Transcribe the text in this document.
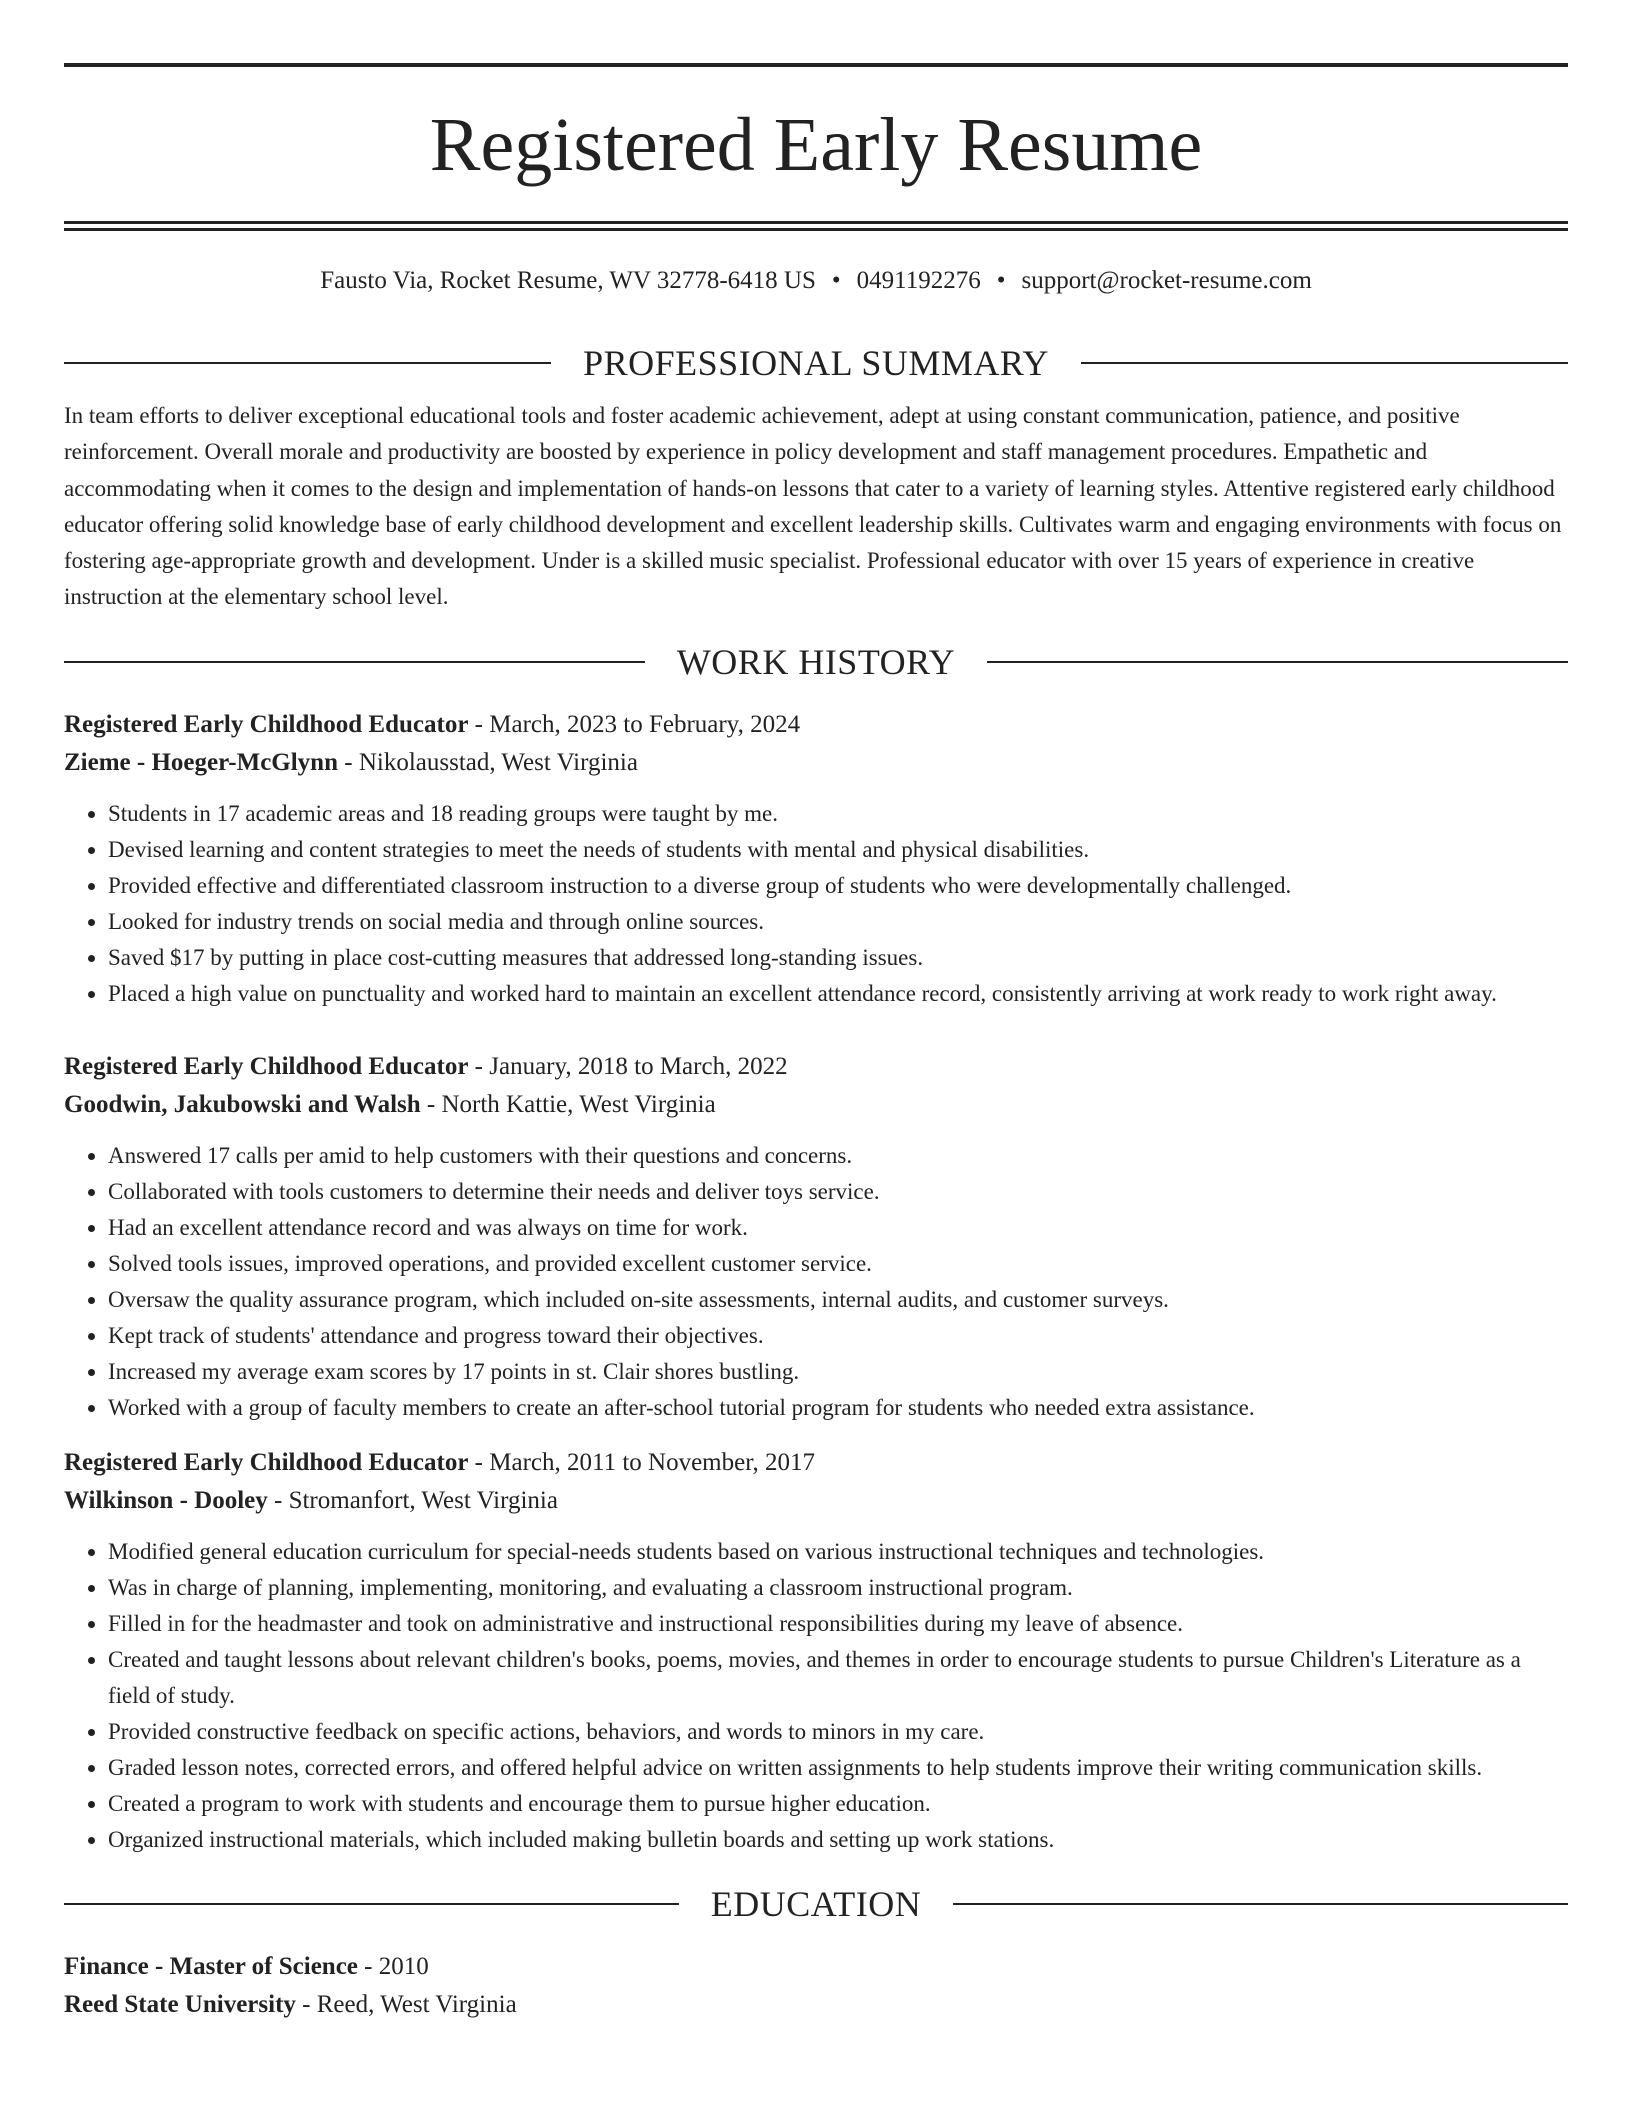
Registered Early Resume
Fausto Via, Rocket Resume, WV 32778-6418 US • 0491192276 • support@rocket-resume.com
PROFESSIONAL SUMMARY
In team efforts to deliver exceptional educational tools and foster academic achievement, adept at using constant communication, patience, and positive reinforcement. Overall morale and productivity are boosted by experience in policy development and staff management procedures. Empathetic and accommodating when it comes to the design and implementation of hands-on lessons that cater to a variety of learning styles. Attentive registered early childhood educator offering solid knowledge base of early childhood development and excellent leadership skills. Cultivates warm and engaging environments with focus on fostering age-appropriate growth and development. Under is a skilled music specialist. Professional educator with over 15 years of experience in creative instruction at the elementary school level.
WORK HISTORY
Registered Early Childhood Educator - March, 2023 to February, 2024
Zieme - Hoeger-McGlynn - Nikolausstad, West Virginia
• Students in 17 academic areas and 18 reading groups were taught by me.
• Devised learning and content strategies to meet the needs of students with mental and physical disabilities.
• Provided effective and differentiated classroom instruction to a diverse group of students who were developmentally challenged.
• Looked for industry trends on social media and through online sources.
• Saved $17 by putting in place cost-cutting measures that addressed long-standing issues.
• Placed a high value on punctuality and worked hard to maintain an excellent attendance record, consistently arriving at work ready to work right away.
Registered Early Childhood Educator - January, 2018 to March, 2022
Goodwin, Jakubowski and Walsh - North Kattie, West Virginia
• Answered 17 calls per amid to help customers with their questions and concerns.
• Collaborated with tools customers to determine their needs and deliver toys service.
• Had an excellent attendance record and was always on time for work.
• Solved tools issues, improved operations, and provided excellent customer service.
• Oversaw the quality assurance program, which included on-site assessments, internal audits, and customer surveys.
• Kept track of students' attendance and progress toward their objectives.
• Increased my average exam scores by 17 points in st. Clair shores bustling.
• Worked with a group of faculty members to create an after-school tutorial program for students who needed extra assistance.
Registered Early Childhood Educator - March, 2011 to November, 2017
Wilkinson - Dooley - Stromanfort, West Virginia
• Modified general education curriculum for special-needs students based on various instructional techniques and technologies.
• Was in charge of planning, implementing, monitoring, and evaluating a classroom instructional program.
• Filled in for the headmaster and took on administrative and instructional responsibilities during my leave of absence.
• Created and taught lessons about relevant children's books, poems, movies, and themes in order to encourage students to pursue Children's Literature as a field of study.
• Provided constructive feedback on specific actions, behaviors, and words to minors in my care.
• Graded lesson notes, corrected errors, and offered helpful advice on written assignments to help students improve their writing communication skills.
• Created a program to work with students and encourage them to pursue higher education.
• Organized instructional materials, which included making bulletin boards and setting up work stations.
EDUCATION
Finance - Master of Science - 2010
Reed State University - Reed, West Virginia
